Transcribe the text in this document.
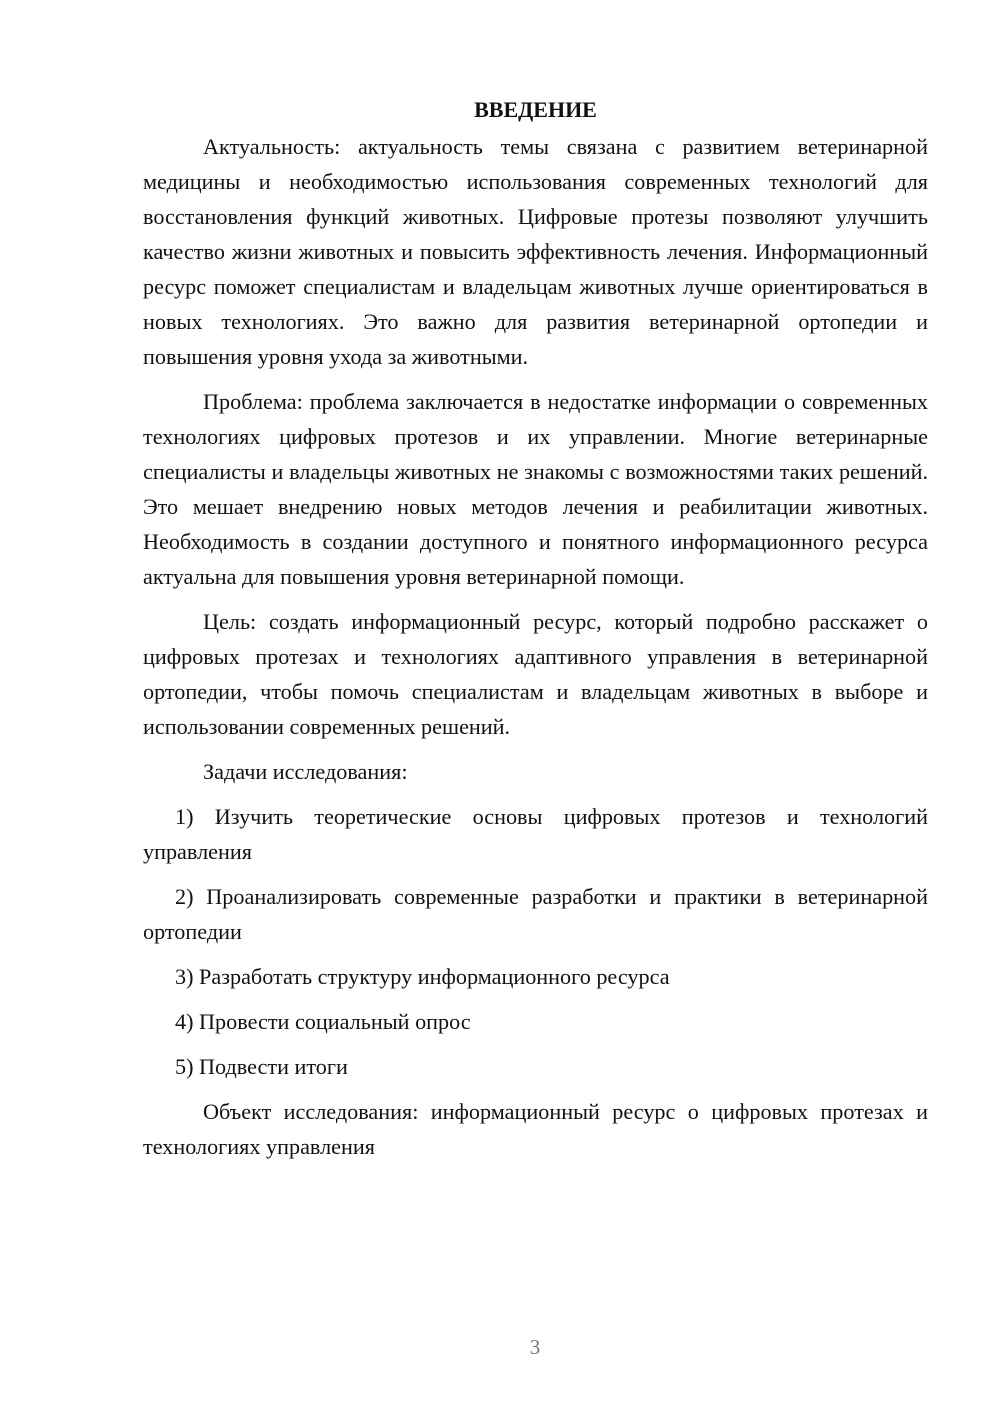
ВВЕДЕНИЕ

Актуальность: актуальность темы связана с развитием ветеринарной медицины и необходимостью использования современных технологий для восстановления функций животных. Цифровые протезы позволяют улучшить качество жизни животных и повысить эффективность лечения. Информационный ресурс поможет специалистам и владельцам животных лучше ориентироваться в новых технологиях. Это важно для развития ветеринарной ортопедии и повышения уровня ухода за животными.

Проблема: проблема заключается в недостатке информации о современных технологиях цифровых протезов и их управлении. Многие ветеринарные специалисты и владельцы животных не знакомы с возможностями таких решений. Это мешает внедрению новых методов лечения и реабилитации животных. Необходимость в создании доступного и понятного информационного ресурса актуальна для повышения уровня ветеринарной помощи.

Цель: создать информационный ресурс, который подробно расскажет о цифровых протезах и технологиях адаптивного управления в ветеринарной ортопедии, чтобы помочь специалистам и владельцам животных в выборе и использовании современных решений.

Задачи исследования:

1) Изучить теоретические основы цифровых протезов и технологий управления

2) Проанализировать современные разработки и практики в ветеринарной ортопедии

3) Разработать структуру информационного ресурса

4) Провести социальный опрос

5) Подвести итоги

Объект исследования: информационный ресурс о цифровых протезах и технологиях управления

3
